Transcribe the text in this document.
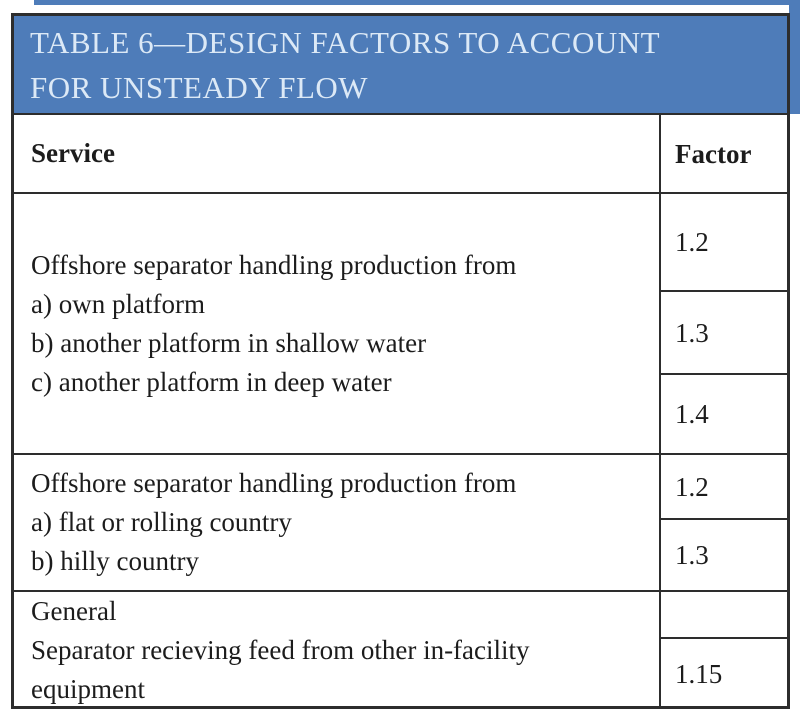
TABLE 6—DESIGN FACTORS TO ACCOUNT FOR UNSTEADY FLOW
Service	Factor
Offshore separator handling production from
a) own platform
b) another platform in shallow water
c) another platform in deep water
1.2
1.3
1.4
Offshore separator handling production from
a) flat or rolling country
b) hilly country
1.2
1.3
General
Separator recieving feed from other in-facility equipment	1.15
